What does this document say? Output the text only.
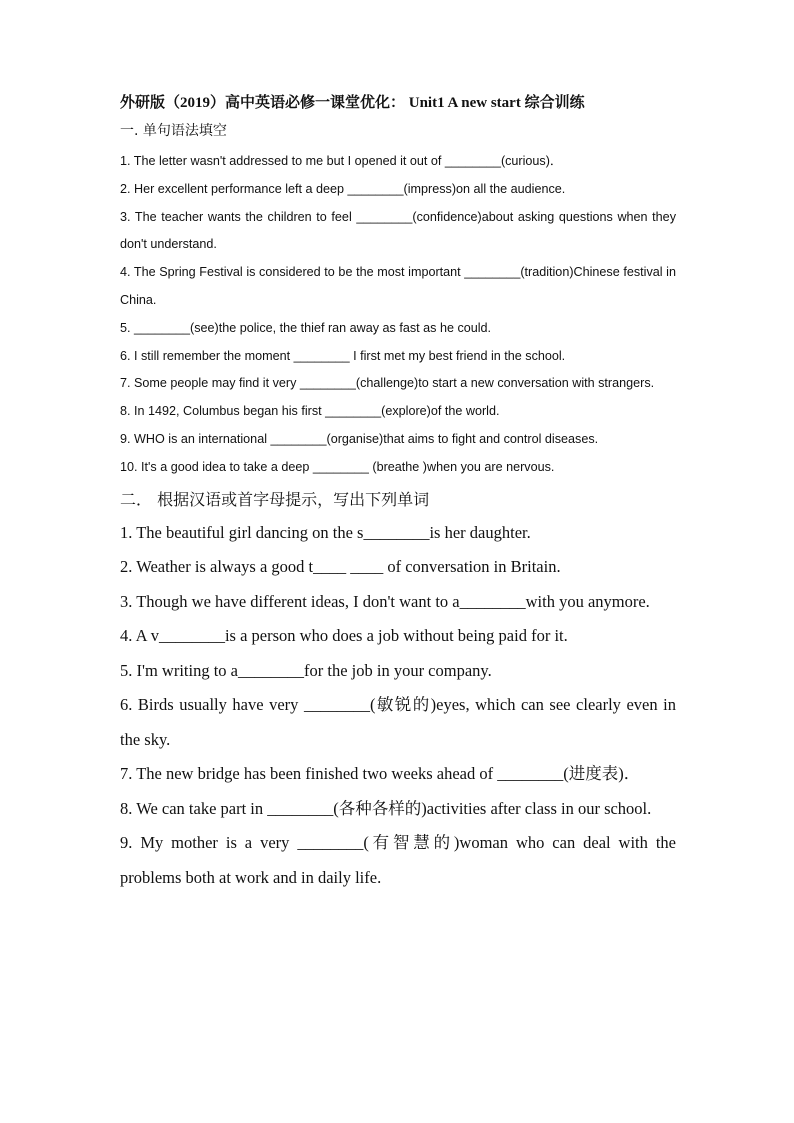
外研版（2019）高中英语必修一课堂优化： Unit1 A new start 综合训练
一. 单句语法填空

1. The letter wasn't addressed to me but I opened it out of ________(curious)．

2. Her excellent performance left a deep ________(impress)on all the audience.

3. The teacher wants the children to feel ________(confidence)about asking questions when they don't understand.

4. The Spring Festival is considered to be the most important ________(tradition)Chinese festival in China.

5. ________(see)the police, the thief ran away as fast as he could.

6. I still remember the moment ________ I first met my best friend in the school.

7. Some people may find it very ________(challenge)to start a new conversation with strangers.

8. In 1492, Columbus began his first ________(explore)of the world.

9. WHO is an international ________(organise)that aims to fight and control diseases.

10. It's a good idea to take a deep ________ (breathe )when you are nervous.

二． 根据汉语或首字母提示，写出下列单词

1. The beautiful girl dancing on the s________is her daughter.

2. Weather is always a good t____ ____ of conversation in Britain.

3. Though we have different ideas, I don't want to a________with you anymore.

4. A v________is a person who does a job without being paid for it.

5. I'm writing to a________for the job in your company.

6. Birds usually have very ________(敏锐的)eyes, which can see clearly even in the sky.

7. The new bridge has been finished two weeks ahead of ________(进度表)．

8. We can take part in ________(各种各样的)activities after class in our school.

9. My mother is a very ________(有智慧的)woman who can deal with the problems both at work and in daily life.
